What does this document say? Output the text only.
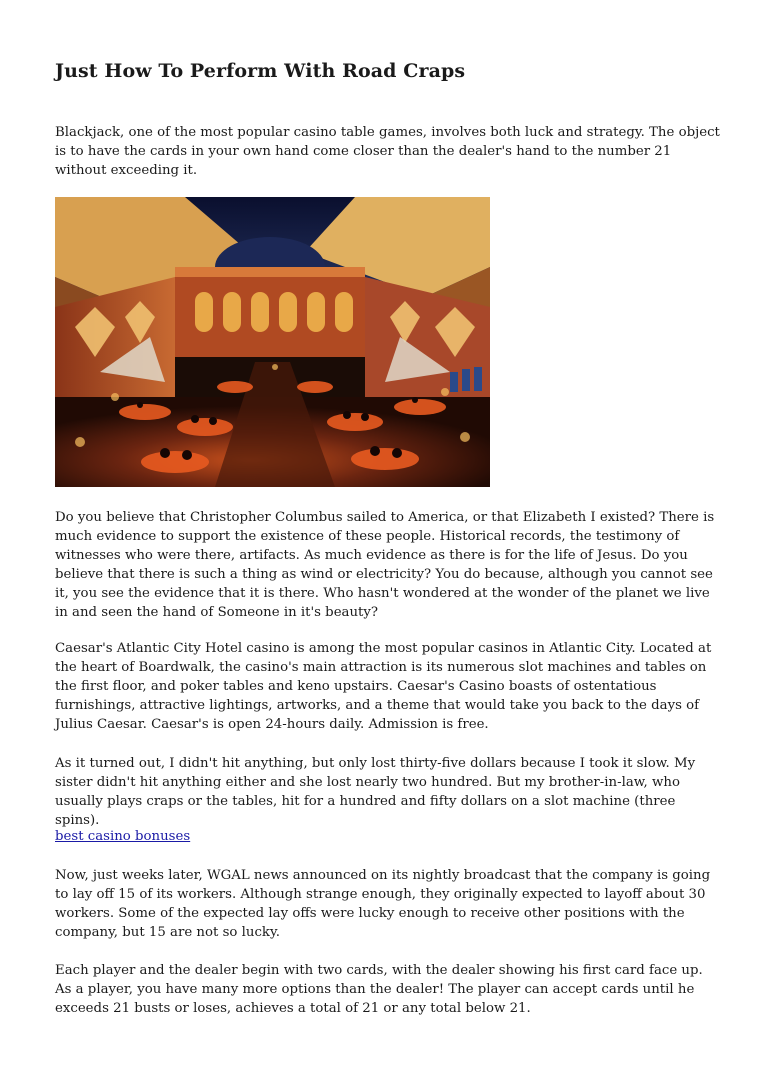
Just How To Perform With Road Craps

Blackjack, one of the most popular casino table games, involves both luck and strategy. The object is to have the cards in your own hand come closer than the dealer's hand to the number 21 without exceeding it.

Do you believe that Christopher Columbus sailed to America, or that Elizabeth I existed? There is much evidence to support the existence of these people. Historical records, the testimony of witnesses who were there, artifacts. As much evidence as there is for the life of Jesus. Do you believe that there is such a thing as wind or electricity? You do because, although you cannot see it, you see the evidence that it is there. Who hasn't wondered at the wonder of the planet we live in and seen the hand of Someone in it's beauty?

Caesar's Atlantic City Hotel casino is among the most popular casinos in Atlantic City. Located at the heart of Boardwalk, the casino's main attraction is its numerous slot machines and tables on the first floor, and poker tables and keno upstairs. Caesar's Casino boasts of ostentatious furnishings, attractive lightings, artworks, and a theme that would take you back to the days of Julius Caesar. Caesar's is open 24-hours daily. Admission is free.

As it turned out, I didn't hit anything, but only lost thirty-five dollars because I took it slow. My sister didn't hit anything either and she lost nearly two hundred. But my brother-in-law, who usually plays craps or the tables, hit for a hundred and fifty dollars on a slot machine (three spins).

best casino bonuses

Now, just weeks later, WGAL news announced on its nightly broadcast that the company is going to lay off 15 of its workers. Although strange enough, they originally expected to layoff about 30 workers. Some of the expected lay offs were lucky enough to receive other positions with the company, but 15 are not so lucky.

Each player and the dealer begin with two cards, with the dealer showing his first card face up. As a player, you have many more options than the dealer! The player can accept cards until he exceeds 21 busts or loses, achieves a total of 21 or any total below 21.
